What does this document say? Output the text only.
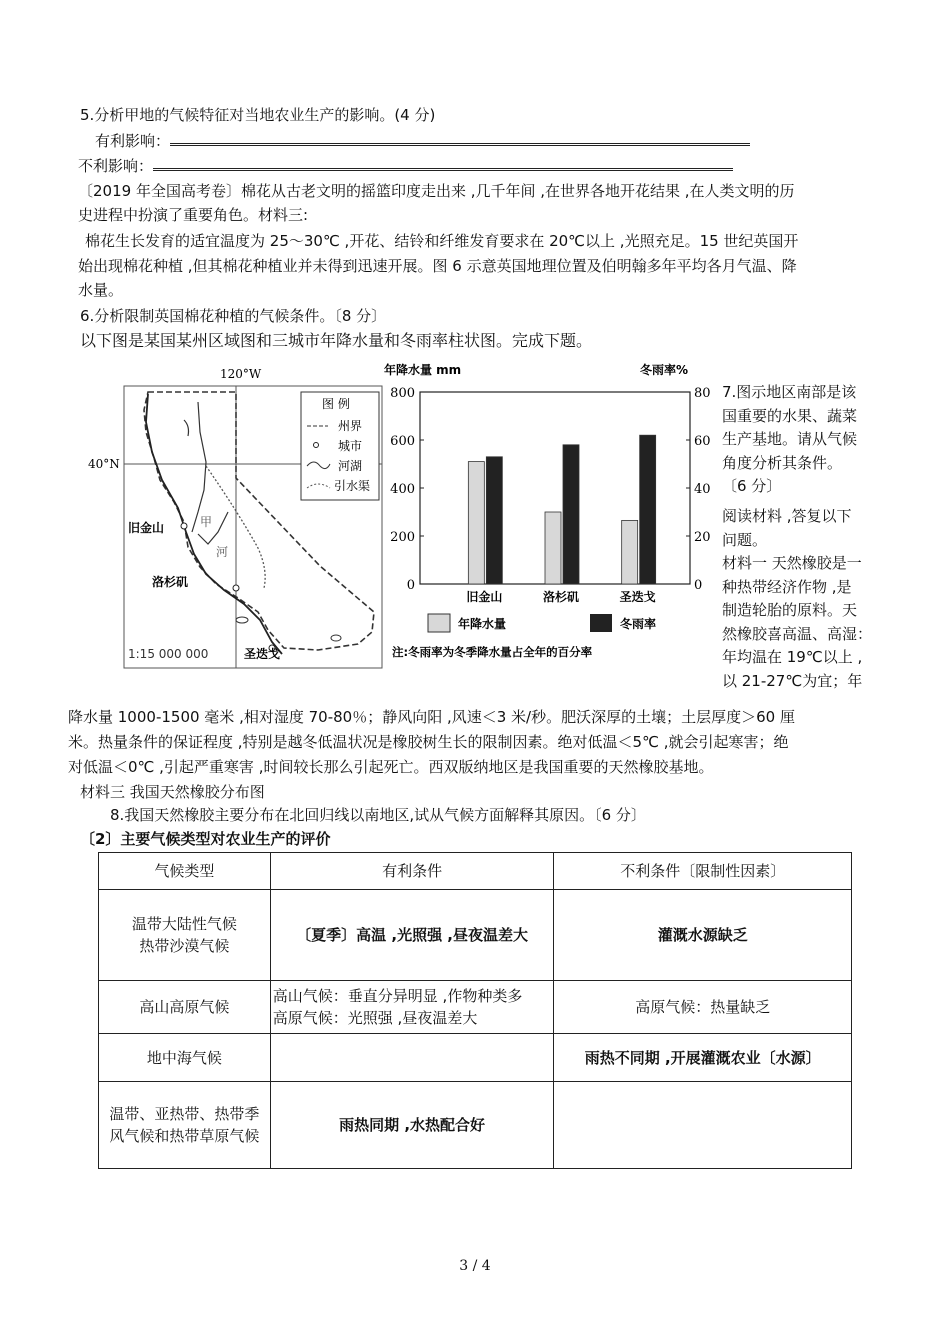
5.分析甲地的气候特征对当地农业生产的影响。(4 分)
有利影响：
不利影响：
〔2019 年全国高考卷〕棉花从古老文明的摇篮印度走出来 ,几千年间 ,在世界各地开花结果 ,在人类文明的历
史进程中扮演了重要角色。材料三:
棉花生长发育的适宜温度为 25～30℃ ,开花、结铃和纤维发育要求在 20℃以上 ,光照充足。15 世纪英国开
始出现棉花种植 ,但其棉花种植业并未得到迅速开展。图 6 示意英国地理位置及伯明翰多年平均各月气温、降
水量。
6.分析限制英国棉花种植的气候条件。〔8 分〕
以下图是某国某州区域图和三城市年降水量和冬雨率柱状图。完成下题。
120°W
40°N
旧金山
洛杉矶
圣迭戈
甲
河
1:15 000 000
图 例
州界
城市
河湖
引水渠
年降水量 mm	冬雨率%
0
200
400
600
800
0
20
40
60
80
旧金山	洛杉矶	圣迭戈
年降水量	冬雨率
注:冬雨率为冬季降水量占全年的百分率
7.图示地区南部是该
国重要的水果、蔬菜
生产基地。请从气候
角度分析其条件。
〔6 分〕
阅读材料 ,答复以下
问题。
材料一 天然橡胶是一
种热带经济作物 ,是
制造轮胎的原料。天
然橡胶喜高温、高湿：
年均温在 19℃以上 ,
以 21-27℃为宜；年
降水量 1000-1500 毫米 ,相对湿度 70-80％；静风向阳 ,风速＜3 米/秒。肥沃深厚的土壤；土层厚度＞60 厘
米。热量条件的保证程度 ,特别是越冬低温状况是橡胶树生长的限制因素。绝对低温＜5℃ ,就会引起寒害；绝
对低温＜0℃ ,引起严重寒害 ,时间较长那么引起死亡。西双版纳地区是我国重要的天然橡胶基地。
材料三 我国天然橡胶分布图
8.我国天然橡胶主要分布在北回归线以南地区,试从气候方面解释其原因。〔6 分〕
〔2〕主要气候类型对农业生产的评价
气候类型	有利条件	不利条件〔限制性因素〕

温带大陆性气候
热带沙漠气候	〔夏季〕高温 ,光照强 ,昼夜温差大	灌溉水源缺乏

高山高原气候	高山气候：垂直分异明显 ,作物种类多
高原气候：光照强 ,昼夜温差大	高原气候：热量缺乏

地中海气候		雨热不同期 ,开展灌溉农业〔水源〕

温带、亚热带、热带季
风气候和热带草原气候	雨热同期 ,水热配合好	

3 / 4
